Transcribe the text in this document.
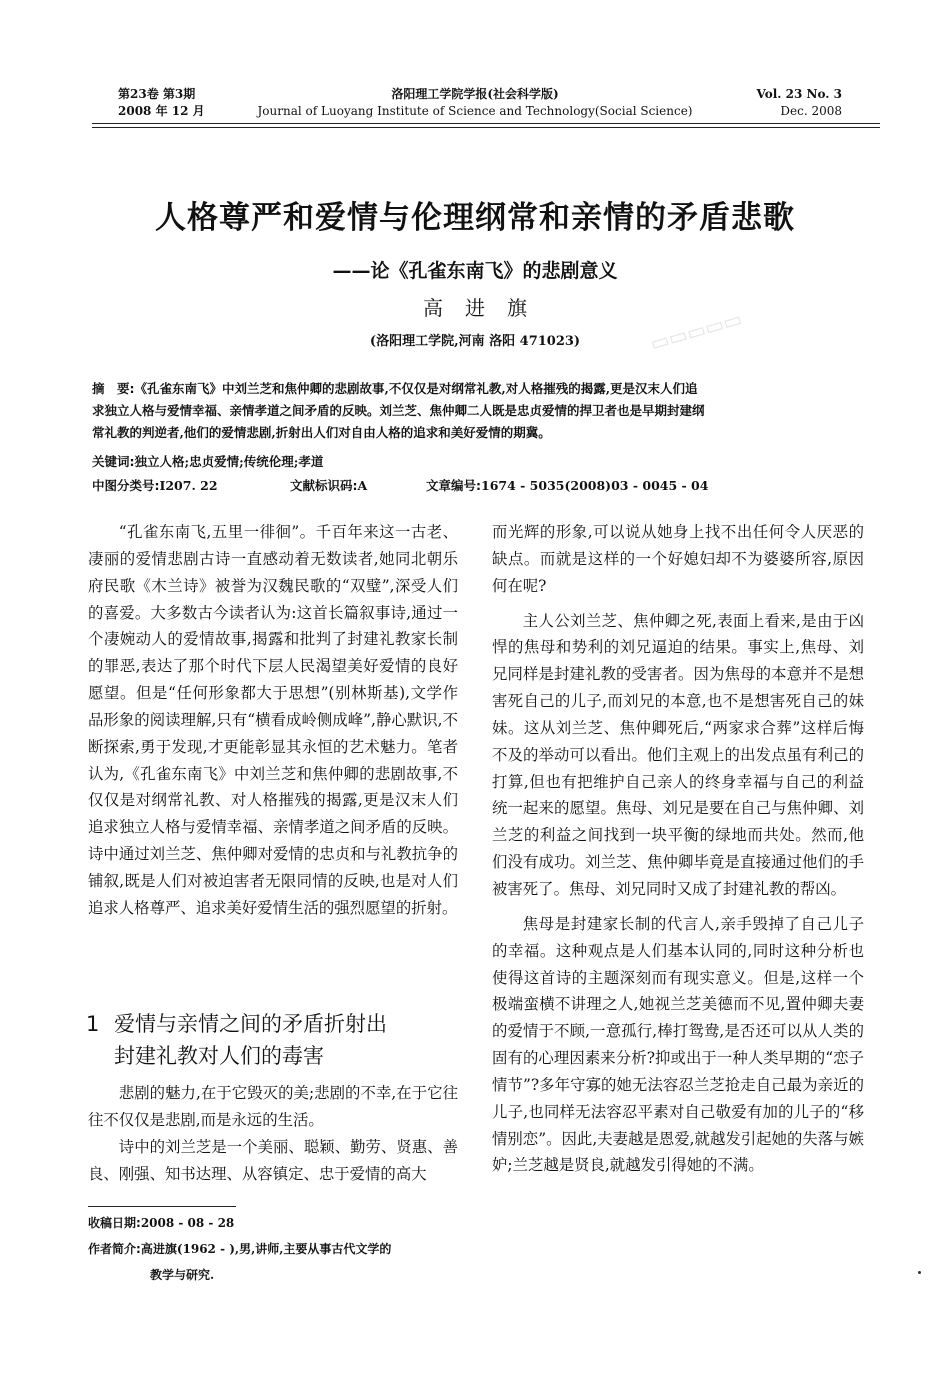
第23卷 第3期
2008 年 12 月
洛阳理工学院学报(社会科学版)
Journal of Luoyang Institute of Science and Technology(Social Science)
Vol. 23 No. 3
Dec. 2008
人格尊严和爱情与伦理纲常和亲情的矛盾悲歌
——论《孔雀东南飞》的悲剧意义
高进旗
(洛阳理工学院,河南 洛阳 471023)	▭▭▭▭▭
摘　要:《孔雀东南飞》中刘兰芝和焦仲卿的悲剧故事,不仅仅是对纲常礼教,对人格摧残的揭露,更是汉末人们追
求独立人格与爱情幸福、亲情孝道之间矛盾的反映。刘兰芝、焦仲卿二人既是忠贞爱情的捍卫者也是早期封建纲
常礼教的判逆者,他们的爱情悲剧,折射出人们对自由人格的追求和美好爱情的期冀。
关键词:独立人格;忠贞爱情;传统伦理;孝道
中图分类号:I207. 22	文献标识码:A	文章编号:1674 - 5035(2008)03 - 0045 - 04

“孔雀东南飞,五里一徘徊”。千百年来这一古老、凄丽的爱情悲剧古诗一直感动着无数读者,她同北朝乐府民歌《木兰诗》被誉为汉魏民歌的“双璧”,深受人们的喜爱。大多数古今读者认为:这首长篇叙事诗,通过一个凄婉动人的爱情故事,揭露和批判了封建礼教家长制的罪恶,表达了那个时代下层人民渴望美好爱情的良好愿望。但是“任何形象都大于思想”(别林斯基),文学作品形象的阅读理解,只有“横看成岭侧成峰”,静心默识,不断探索,勇于发现,才更能彰显其永恒的艺术魅力。笔者认为,《孔雀东南飞》中刘兰芝和焦仲卿的悲剧故事,不仅仅是对纲常礼教、对人格摧残的揭露,更是汉末人们追求独立人格与爱情幸福、亲情孝道之间矛盾的反映。诗中通过刘兰芝、焦仲卿对爱情的忠贞和与礼教抗争的铺叙,既是人们对被迫害者无限同情的反映,也是对人们追求人格尊严、追求美好爱情生活的强烈愿望的折射。

1 爱情与亲情之间的矛盾折射出
封建礼教对人们的毒害

悲剧的魅力,在于它毁灭的美;悲剧的不幸,在于它往往不仅仅是悲剧,而是永远的生活。

诗中的刘兰芝是一个美丽、聪颖、勤劳、贤惠、善良、刚强、知书达理、从容镇定、忠于爱情的高大

收稿日期:2008 - 08 - 28
作者简介:高进旗(1962 - ),男,讲师,主要从事古代文学的
教学与研究.

而光辉的形象,可以说从她身上找不出任何令人厌恶的缺点。而就是这样的一个好媳妇却不为婆婆所容,原因何在呢?

主人公刘兰芝、焦仲卿之死,表面上看来,是由于凶悍的焦母和势利的刘兄逼迫的结果。事实上,焦母、刘兄同样是封建礼教的受害者。因为焦母的本意并不是想害死自己的儿子,而刘兄的本意,也不是想害死自己的妹妹。这从刘兰芝、焦仲卿死后,“两家求合葬”这样后悔不及的举动可以看出。他们主观上的出发点虽有利己的打算,但也有把维护自己亲人的终身幸福与自己的利益统一起来的愿望。焦母、刘兄是要在自己与焦仲卿、刘兰芝的利益之间找到一块平衡的绿地而共处。然而,他们没有成功。刘兰芝、焦仲卿毕竟是直接通过他们的手被害死了。焦母、刘兄同时又成了封建礼教的帮凶。

焦母是封建家长制的代言人,亲手毁掉了自己儿子的幸福。这种观点是人们基本认同的,同时这种分析也使得这首诗的主题深刻而有现实意义。但是,这样一个极端蛮横不讲理之人,她视兰芝美德而不见,置仲卿夫妻的爱情于不顾,一意孤行,棒打鸳鸯,是否还可以从人类的固有的心理因素来分析?抑或出于一种人类早期的“恋子情节”?多年守寡的她无法容忍兰芝抢走自己最为亲近的儿子,也同样无法容忍平素对自己敬爱有加的儿子的“移情别恋”。因此,夫妻越是恩爱,就越发引起她的失落与嫉妒;兰芝越是贤良,就越发引得她的不满。
